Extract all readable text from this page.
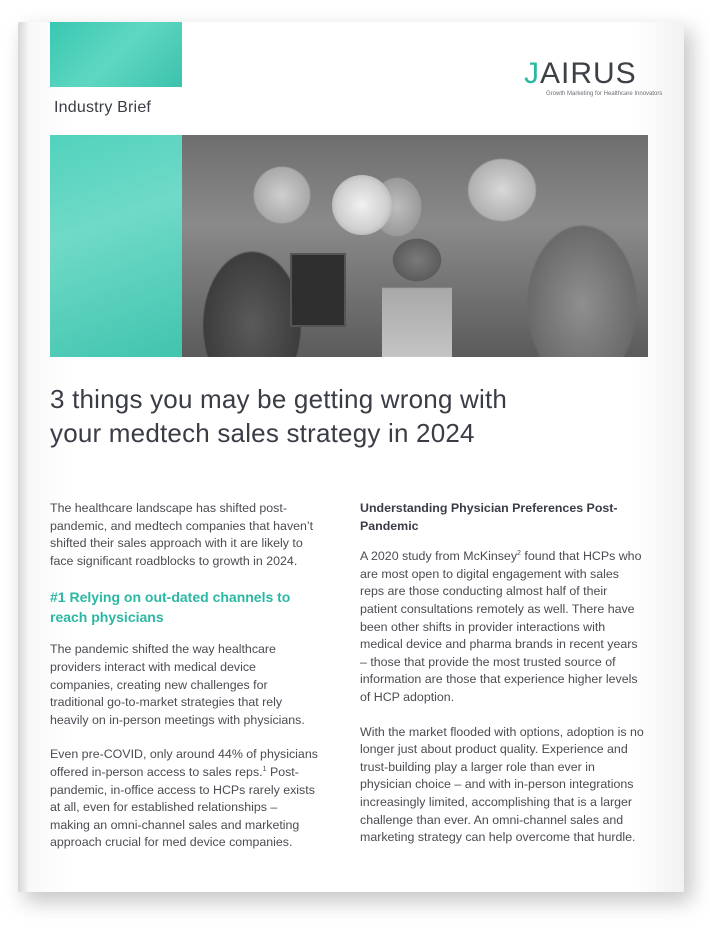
Industry Brief
JAIRUS
Growth Marketing for Healthcare Innovators
3 things you may be getting wrong with
your medtech sales strategy in 2024

The healthcare landscape has shifted post-pandemic, and medtech companies that haven’t shifted their sales approach with it are likely to face significant roadblocks to growth in 2024.

#1 Relying on out-dated channels to reach physicians

The pandemic shifted the way healthcare providers interact with medical device companies, creating new challenges for traditional go-to-market strategies that rely heavily on in-person meetings with physicians.

Even pre-COVID, only around 44% of physicians offered in-person access to sales reps.$^1$ Post-pandemic, in-office access to HCPs rarely exists at all, even for established relationships – making an omni-channel sales and marketing approach crucial for med device companies.

Understanding Physician Preferences Post-Pandemic

A 2020 study from McKinsey$^2$ found that HCPs who are most open to digital engagement with sales reps are those conducting almost half of their patient consultations remotely as well. There have been other shifts in provider interactions with medical device and pharma brands in recent years – those that provide the most trusted source of information are those that experience higher levels of HCP adoption.

With the market flooded with options, adoption is no longer just about product quality. Experience and trust-building play a larger role than ever in physician choice – and with in-person integrations increasingly limited, accomplishing that is a larger challenge than ever. An omni-channel sales and marketing strategy can help overcome that hurdle.
